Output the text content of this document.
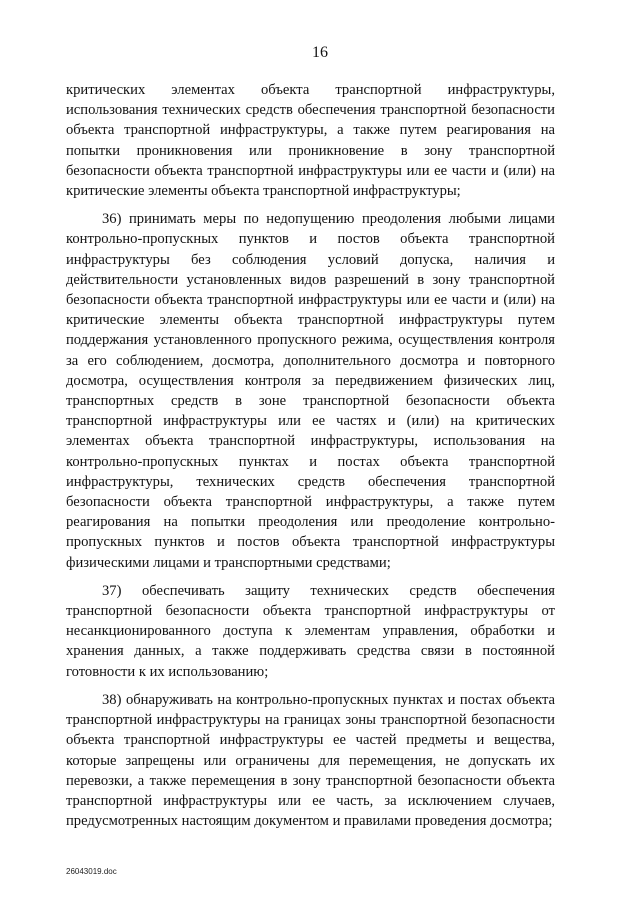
16

критических элементах объекта транспортной инфраструктуры, использования технических средств обеспечения транспортной безопасности объекта транспортной инфраструктуры, а также путем реагирования на попытки проникновения или проникновение в зону транспортной безопасности объекта транспортной инфраструктуры или ее части и (или) на критические элементы объекта транспортной инфраструктуры;

36) принимать меры по недопущению преодоления любыми лицами контрольно-пропускных пунктов и постов объекта транспортной инфраструктуры без соблюдения условий допуска, наличия и действительности установленных видов разрешений в зону транспортной безопасности объекта транспортной инфраструктуры или ее части и (или) на критические элементы объекта транспортной инфраструктуры путем поддержания установленного пропускного режима, осуществления контроля за его соблюдением, досмотра, дополнительного досмотра и повторного досмотра, осуществления контроля за передвижением физических лиц, транспортных средств в зоне транспортной безопасности объекта транспортной инфраструктуры или ее частях и (или) на критических элементах объекта транспортной инфраструктуры, использования на контрольно-пропускных пунктах и постах объекта транспортной инфраструктуры, технических средств обеспечения транспортной безопасности объекта транспортной инфраструктуры, а также путем реагирования на попытки преодоления или преодоление контрольно-пропускных пунктов и постов объекта транспортной инфраструктуры физическими лицами и транспортными средствами;

37) обеспечивать защиту технических средств обеспечения транспортной безопасности объекта транспортной инфраструктуры от несанкционированного доступа к элементам управления, обработки и хранения данных, а также поддерживать средства связи в постоянной готовности к их использованию;

38) обнаруживать на контрольно-пропускных пунктах и постах объекта транспортной инфраструктуры на границах зоны транспортной безопасности объекта транспортной инфраструктуры ее частей предметы и вещества, которые запрещены или ограничены для перемещения, не допускать их перевозки, а также перемещения в зону транспортной безопасности объекта транспортной инфраструктуры или ее часть, за исключением случаев, предусмотренных настоящим документом и правилами проведения досмотра;

26043019.doc
